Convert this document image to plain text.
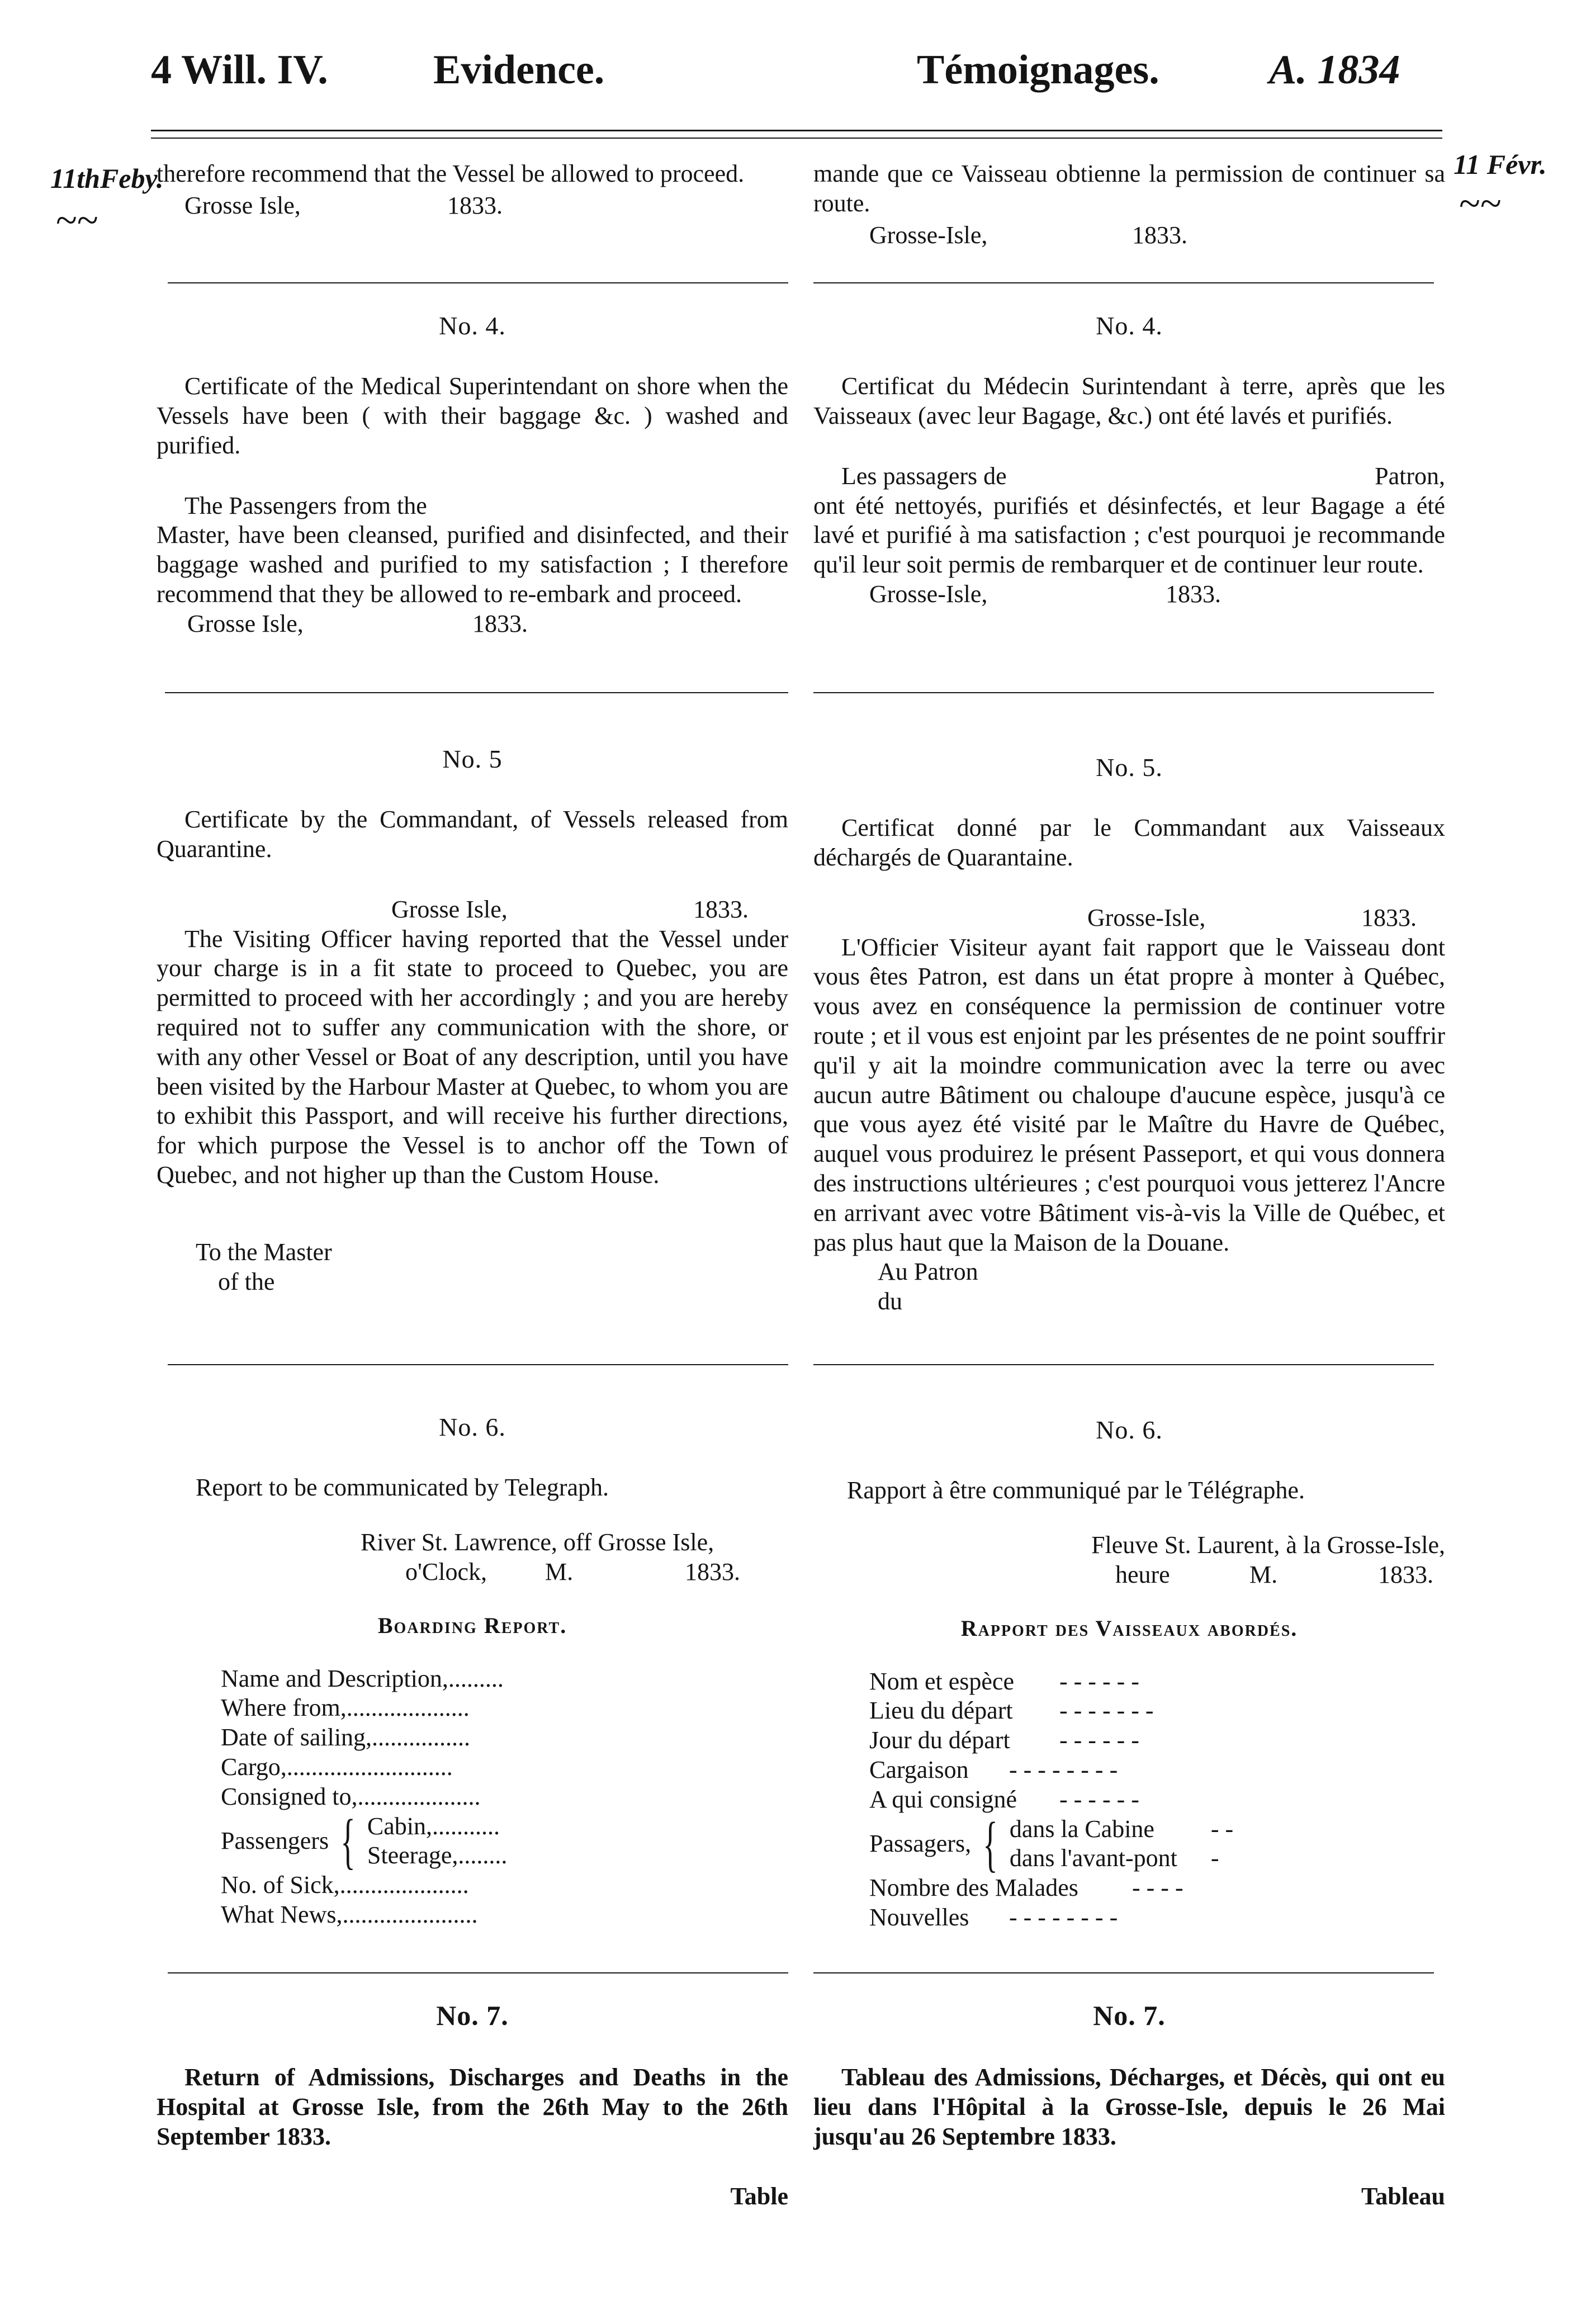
4 Will. IV.	Evidence.	Témoignages.	A. 1834
11thFeby.
~~
11 Févr.
~~

therefore recommend that the Vessel be allowed to proceed.

Grosse Isle,	1833.
No. 4.

Certificate of the Medical Superintendant on shore when the Vessels have been ( with their baggage &c. ) washed and purified.

The Passengers from the

Master, have been cleansed, purified and disinfected, and their baggage washed and purified to my satisfaction ; I therefore recommend that they be allowed to re-embark and proceed.

Grosse Isle,	1833.
No. 5

Certificate by the Commandant, of Vessels released from Quarantine.

Grosse Isle,	1833.

The Visiting Officer having reported that the Vessel under your charge is in a fit state to proceed to Quebec, you are permitted to proceed with her accordingly ; and you are hereby required not to suffer any communication with the shore, or with any other Vessel or Boat of any description, until you have been visited by the Harbour Master at Quebec, to whom you are to exhibit this Passport, and will receive his further directions, for which purpose the Vessel is to anchor off the Town of Quebec, and not higher up than the Custom House.

To the Master
of the
No. 6.

Report to be communicated by Telegraph.

River St. Lawrence, off Grosse Isle,
o'Clock,	M.	1833.
Boarding Report.
Name and Description, .........
Where from, ....................
Date of sailing, ................
Cargo, ...........................
Consigned to, ....................
Passengers { Cabin, ...........
Steerage, ........
No. of Sick, .....................
What News, ......................
No. 7.

Return of Admissions, Discharges and Deaths in the Hospital at Grosse Isle, from the 26th May to the 26th September 1833.

Table

mande que ce Vaisseau obtienne la permission de continuer sa route.

Grosse-Isle,	1833.
No. 4.

Certificat du Médecin Surintendant à terre, après que les Vaisseaux (avec leur Bagage, &c.) ont été lavés et purifiés.

Les passagers de	Patron,

ont été nettoyés, purifiés et désinfectés, et leur Bagage a été lavé et purifié à ma satisfaction ; c'est pourquoi je recommande qu'il leur soit permis de rembarquer et de continuer leur route.

Grosse-Isle,	1833.
No. 5.

Certificat donné par le Commandant aux Vaisseaux déchargés de Quarantaine.

Grosse-Isle,	1833.

L'Officier Visiteur ayant fait rapport que le Vaisseau dont vous êtes Patron, est dans un état propre à monter à Québec, vous avez en conséquence la permission de continuer votre route ; et il vous est enjoint par les présentes de ne point souffrir qu'il y ait la moindre communication avec la terre ou avec aucun autre Bâtiment ou chaloupe d'aucune espèce, jusqu'à ce que vous ayez été visité par le Maître du Havre de Québec, auquel vous produirez le présent Passeport, et qui vous donnera des instructions ultérieures ; c'est pourquoi vous jetterez l'Ancre en arrivant avec votre Bâtiment vis-à-vis la Ville de Québec, et pas plus haut que la Maison de la Douane.

Au Patron
du
No. 6.

Rapport à être communiqué par le Télégraphe.

Fleuve St. Laurent, à la Grosse-Isle,
heure	M.	1833.
Rapport des Vaisseaux abordés.
Nom et espèce	- - - - - -
Lieu du départ	- - - - - - -
Jour du départ	- - - - - -
Cargaison	- - - - - - - -
A qui consigné	- - - - - -
Passagers, { dans la Cabine	- -
dans l'avant-pont	-
Nombre des Malades	- - - -
Nouvelles	- - - - - - - -
No. 7.

Tableau des Admissions, Décharges, et Décès, qui ont eu lieu dans l'Hôpital à la Grosse-Isle, depuis le 26 Mai jusqu'au 26 Septembre 1833.

Tableau
